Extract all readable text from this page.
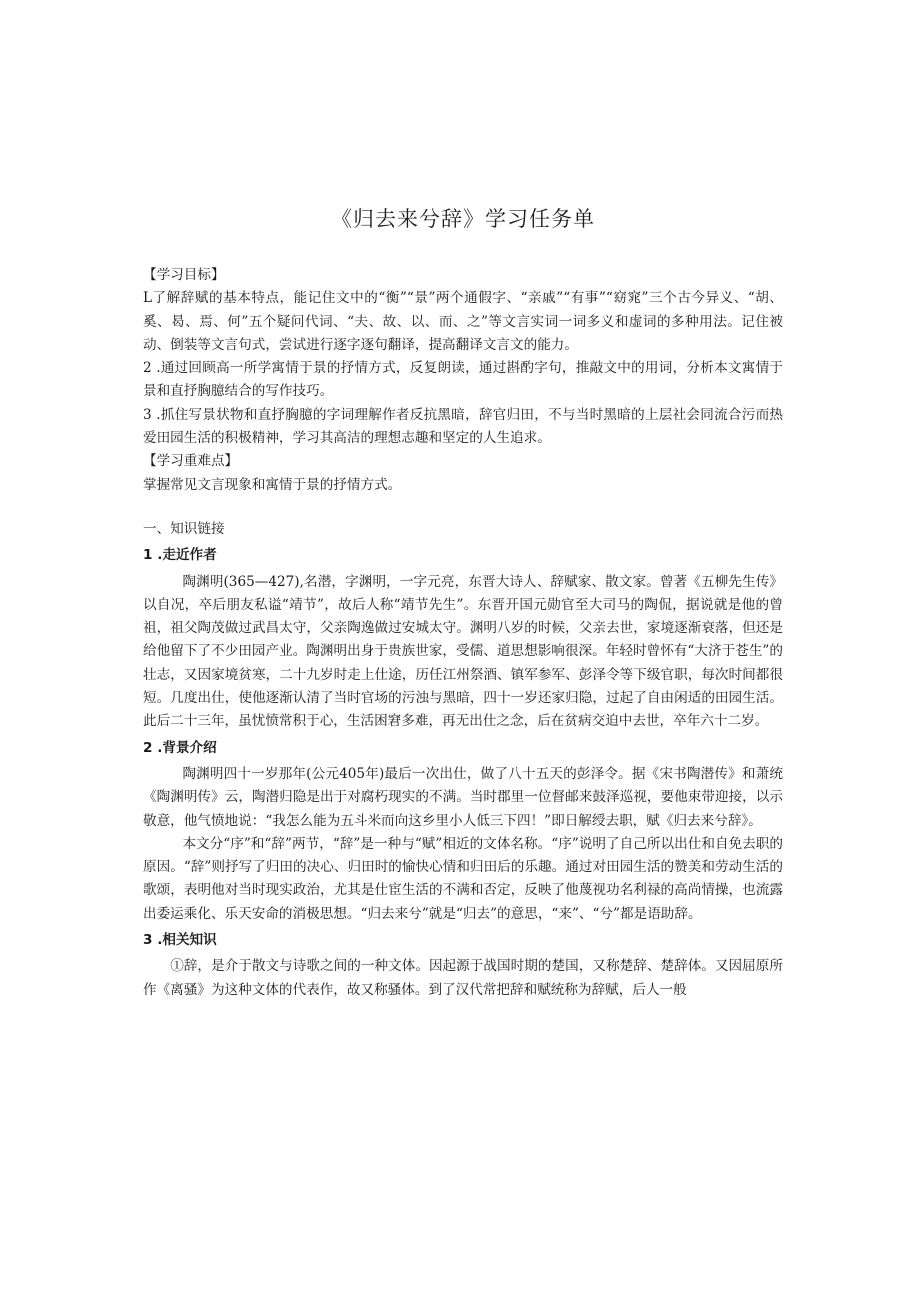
《归去来兮辞》学习任务单

【学习目标】

L了解辞赋的基本特点，能记住文中的“衡”“景”两个通假字、“亲戚”“有事”“窈窕”三个古今异义、“胡、奚、曷、焉、何”五个疑问代词、“夫、故、以、而、之”等文言实词一词多义和虚词的多种用法。记住被动、倒装等文言句式，尝试进行逐字逐句翻译，提高翻译文言文的能力。

2 .通过回顾高一所学寓情于景的抒情方式，反复朗读，通过斟酌字句，推敲文中的用词，分析本文寓情于景和直抒胸臆结合的写作技巧。

3 .抓住写景状物和直抒胸臆的字词理解作者反抗黑暗，辞官归田，不与当时黑暗的上层社会同流合污而热爱田园生活的积极精神，学习其高洁的理想志趣和坚定的人生追求。

【学习重难点】

掌握常见文言现象和寓情于景的抒情方式。

一、知识链接

1 .走近作者

陶渊明(365—427),名潜，字渊明，一字元亮，东晋大诗人、辞赋家、散文家。曾著《五柳先生传》以自况，卒后朋友私谥“靖节”，故后人称“靖节先生”。东晋开国元勋官至大司马的陶侃，据说就是他的曾祖，祖父陶茂做过武昌太守，父亲陶逸做过安城太守。渊明八岁的时候，父亲去世，家境逐渐衰落，但还是给他留下了不少田园产业。陶渊明出身于贵族世家，受儒、道思想影响很深。年轻时曾怀有“大济于苍生”的壮志，又因家境贫寒，二十九岁时走上仕途，历任江州祭酒、镇军参军、彭泽令等下级官职，每次时间都很短。几度出仕，使他逐渐认清了当时官场的污浊与黑暗，四十一岁还家归隐，过起了自由闲适的田园生活。此后二十三年，虽忧愤常积于心，生活困窘多难，再无出仕之念，后在贫病交迫中去世，卒年六十二岁。

2 .背景介绍

陶渊明四十一岁那年(公元405年)最后一次出仕，做了八十五天的彭泽令。据《宋书陶潜传》和萧统《陶渊明传》云，陶潜归隐是出于对腐朽现实的不满。当时郡里一位督邮来鼓泽巡视，要他束带迎接，以示敬意，他气愤地说：“我怎么能为五斗米而向这乡里小人低三下四！”即日解绶去职，赋《归去来兮辞》。

本文分“序”和“辞”两节，“辞”是一种与“赋”相近的文体名称。“序”说明了自己所以出仕和自免去职的原因。“辞”则抒写了归田的决心、归田时的愉快心情和归田后的乐趣。通过对田园生活的赞美和劳动生活的歌颂，表明他对当时现实政治，尤其是仕宦生活的不满和否定，反映了他蔑视功名利禄的高尚情操，也流露出委运乘化、乐天安命的消极思想。“归去来兮”就是“归去”的意思，“来”、“兮”都是语助辞。

3 .相关知识

①辞，是介于散文与诗歌之间的一种文体。因起源于战国时期的楚国，又称楚辞、楚辞体。又因屈原所作《离骚》为这种文体的代表作，故又称骚体。到了汉代常把辞和赋统称为辞赋，后人一般
